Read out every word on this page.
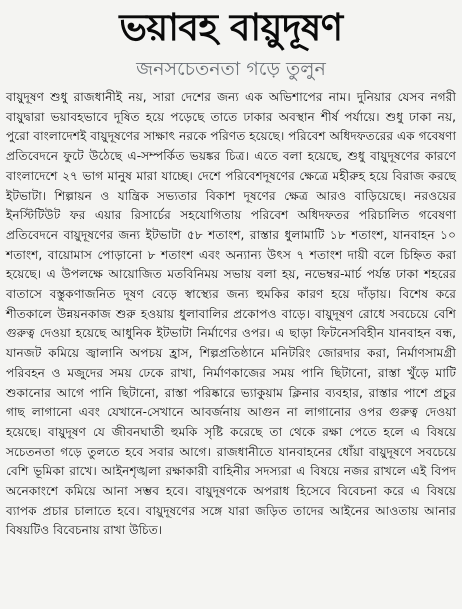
ভয়াবহ বায়ুদূষণ
জনসচেতনতা গড়ে তুলুন

বায়ুদূষণ শুধু রাজধানীই নয়, সারা দেশের জন্য এক অভিশাপের নাম। দুনিয়ার যেসব নগরী বায়ুদ্বারা ভয়াবহভাবে দূষিত হয়ে পড়েছে তাতে ঢাকার অবস্থান শীর্ষ পর্যায়ে। শুধু ঢাকা নয়, পুরো বাংলাদেশই বায়ুদূষণের সাক্ষাৎ নরকে পরিণত হয়েছে। পরিবেশ অধিদফতরের এক গবেষণা প্রতিবেদনে ফুটে উঠেছে এ-সম্পর্কিত ভয়ঙ্কর চিত্র। এতে বলা হয়েছে, শুধু বায়ুদূষণের কারণে বাংলাদেশে ২৭ ভাগ মানুষ মারা যাচ্ছে। দেশে পরিবেশদূষণের ক্ষেত্রে মহীরুহ হয়ে বিরাজ করছে ইটভাটা। শিল্পায়ন ও যান্ত্রিক সভ্যতার বিকাশ দূষণের ক্ষেত্র আরও বাড়িয়েছে। নরওয়ের ইনস্টিটিউট ফর এয়ার রিসার্চের সহযোগিতায় পরিবেশ অধিদফতর পরিচালিত গবেষণা প্রতিবেদনে বায়ুদূষণের জন্য ইটভাটা ৫৮ শতাংশ, রাস্তার ধুলামাটি ১৮ শতাংশ, যানবাহন ১০ শতাংশ, বায়োমাস পোড়ানো ৮ শতাংশ এবং অন্যান্য উৎস ৭ শতাংশ দায়ী বলে চিহ্নিত করা হয়েছে। এ উপলক্ষে আয়োজিত মতবিনিময় সভায় বলা হয়, নভেম্বর-মার্চ পর্যন্ত ঢাকা শহরের বাতাসে বস্তুকণাজনিত দূষণ বেড়ে স্বাস্থ্যের জন্য হুমকির কারণ হয়ে দাঁড়ায়। বিশেষ করে শীতকালে উন্নয়নকাজ শুরু হওয়ায় ধুলাবালির প্রকোপও বাড়ে। বায়ুদূষণ রোধে সবচেয়ে বেশি গুরুত্ব দেওয়া হয়েছে আধুনিক ইটভাটা নির্মাণের ওপর। এ ছাড়া ফিটনেসবিহীন যানবাহন বন্ধ, যানজট কমিয়ে জ্বালানি অপচয় হ্রাস, শিল্পপ্রতিষ্ঠানে মনিটরিং জোরদার করা, নির্মাণসামগ্রী পরিবহন ও মজুদের সময় ঢেকে রাখা, নির্মাণকাজের সময় পানি ছিটানো, রাস্তা খুঁড়ে মাটি শুকানোর আগে পানি ছিটানো, রাস্তা পরিষ্কারে ভ্যাকুয়াম ক্লিনার ব্যবহার, রাস্তার পাশে প্রচুর গাছ লাগানো এবং যেখানে-সেখানে আবর্জনায় আগুন না লাগানোর ওপর গুরুত্ব দেওয়া হয়েছে। বায়ুদূষণ যে জীবনঘাতী হুমকি সৃষ্টি করেছে তা থেকে রক্ষা পেতে হলে এ বিষয়ে সচেতনতা গড়ে তুলতে হবে সবার আগে। রাজধানীতে যানবাহনের ধোঁয়া বায়ুদূষণে সবচেয়ে বেশি ভূমিকা রাখে। আইনশৃঙ্খলা রক্ষাকারী বাহিনীর সদস্যরা এ বিষয়ে নজর রাখলে এই বিপদ অনেকাংশে কমিয়ে আনা সম্ভব হবে। বায়ুদূষণকে অপরাধ হিসেবে বিবেচনা করে এ বিষয়ে ব্যাপক প্রচার চালাতে হবে। বায়ুদূষণের সঙ্গে যারা জড়িত তাদের আইনের আওতায় আনার বিষয়টিও বিবেচনায় রাখা উচিত।
